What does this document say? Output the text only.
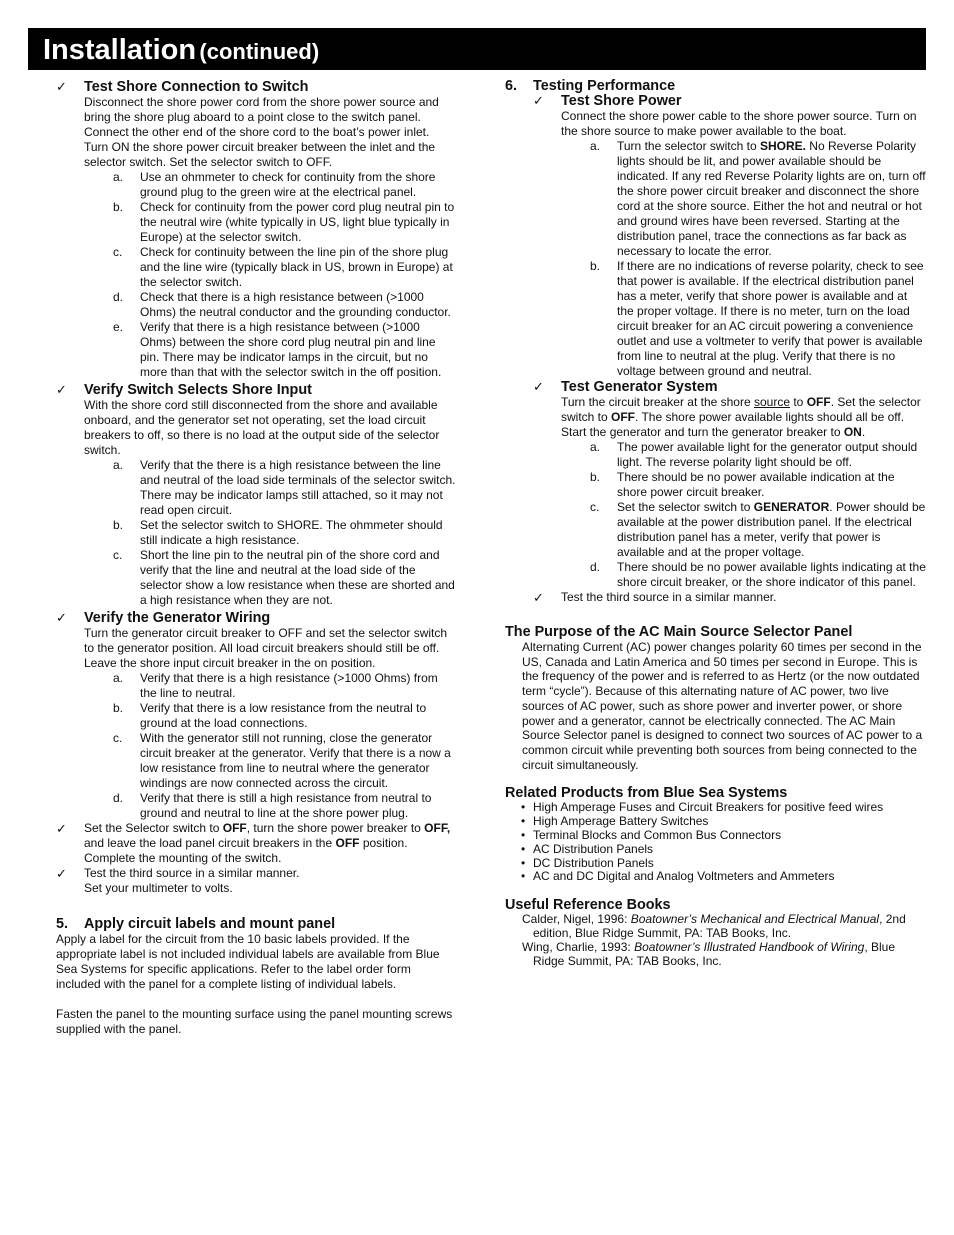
Installation (continued)
✓ Test Shore Connection to Switch

Disconnect the shore power cord from the shore power source and bring the shore plug aboard to a point close to the switch panel. Connect the other end of the shore cord to the boat’s power inlet. Turn ON the shore power circuit breaker between the inlet and the selector switch. Set the selector switch to OFF.

a. Use an ohmmeter to check for continuity from the shore ground plug to the green wire at the electrical panel.
b. Check for continuity from the power cord plug neutral pin to the neutral wire (white typically in US, light blue typically in Europe) at the selector switch.
c. Check for continuity between the line pin of the shore plug and the line wire (typically black in US, brown in Europe) at the selector switch.
d. Check that there is a high resistance between (>1000 Ohms) the neutral conductor and the grounding conductor.
e. Verify that there is a high resistance between (>1000 Ohms) between the shore cord plug neutral pin and line pin. There may be indicator lamps in the circuit, but no more than that with the selector switch in the off position.
✓ Verify Switch Selects Shore Input

With the shore cord still disconnected from the shore and available onboard, and the generator set not operating, set the load circuit breakers to off, so there is no load at the output side of the selector switch.

a. Verify that the there is a high resistance between the line and neutral of the load side terminals of the selector switch. There may be indicator lamps still attached, so it may not read open circuit.
b. Set the selector switch to SHORE. The ohmmeter should still indicate a high resistance.
c. Short the line pin to the neutral pin of the shore cord and verify that the line and neutral at the load side of the selector show a low resistance when these are shorted and a high resistance when they are not.
✓ Verify the Generator Wiring

Turn the generator circuit breaker to OFF and set the selector switch to the generator position. All load circuit breakers should still be off. Leave the shore input circuit breaker in the on position.

a. Verify that there is a high resistance (>1000 Ohms) from the line to neutral.
b. Verify that there is a low resistance from the neutral to ground at the load connections.
c. With the generator still not running, close the generator circuit breaker at the generator. Verify that there is a now a low resistance from line to neutral where the generator windings are now connected across the circuit.
d. Verify that there is still a high resistance from neutral to ground and neutral to line at the shore power plug.
✓ Set the Selector switch to OFF, turn the shore power breaker to OFF, and leave the load panel circuit breakers in the OFF position. Complete the mounting of the switch.

✓ Test the third source in a similar manner.

Set your multimeter to volts.

5. Apply circuit labels and mount panel

Apply a label for the circuit from the 10 basic labels provided. If the appropriate label is not included individual labels are available from Blue Sea Systems for specific applications. Refer to the label order form included with the panel for a complete listing of individual labels.

Fasten the panel to the mounting surface using the panel mounting screws supplied with the panel.

6. Testing Performance

✓ Test Shore Power

Connect the shore power cable to the shore power source. Turn on the shore source to make power available to the boat.

a. Turn the selector switch to SHORE. No Reverse Polarity lights should be lit, and power available should be indicated. If any red Reverse Polarity lights are on, turn off the shore power circuit breaker and disconnect the shore cord at the shore source. Either the hot and neutral or hot and ground wires have been reversed. Starting at the distribution panel, trace the connections as far back as necessary to locate the error.
b. If there are no indications of reverse polarity, check to see that power is available. If the electrical distribution panel has a meter, verify that shore power is available and at the proper voltage. If there is no meter, turn on the load circuit breaker for an AC circuit powering a convenience outlet and use a voltmeter to verify that power is available from line to neutral at the plug. Verify that there is no voltage between ground and neutral.
✓ Test Generator System

Turn the circuit breaker at the shore source to OFF. Set the selector switch to OFF. The shore power available lights should all be off. Start the generator and turn the generator breaker to ON.

a. The power available light for the generator output should light. The reverse polarity light should be off.
b. There should be no power available indication at the shore power circuit breaker.
c. Set the selector switch to GENERATOR. Power should be available at the power distribution panel. If the electrical distribution panel has a meter, verify that power is available and at the proper voltage.
d. There should be no power available lights indicating at the shore circuit breaker, or the shore indicator of this panel.
✓ Test the third source in a similar manner.

The Purpose of the AC Main Source Selector Panel

Alternating Current (AC) power changes polarity 60 times per second in the US, Canada and Latin America and 50 times per second in Europe. This is the frequency of the power and is referred to as Hertz (or the now outdated term “cycle”). Because of this alternating nature of AC power, two live sources of AC power, such as shore power and inverter power, or shore power and a generator, cannot be electrically connected. The AC Main Source Selector panel is designed to connect two sources of AC power to a common circuit while preventing both sources from being connected to the circuit simultaneously.

Related Products from Blue Sea Systems

• High Amperage Fuses and Circuit Breakers for positive feed wires
• High Amperage Battery Switches
• Terminal Blocks and Common Bus Connectors
• AC Distribution Panels
• DC Distribution Panels
• AC and DC Digital and Analog Voltmeters and Ammeters

Useful Reference Books

Calder, Nigel, 1996: Boatowner’s Mechanical and Electrical Manual, 2nd edition, Blue Ridge Summit, PA: TAB Books, Inc.

Wing, Charlie, 1993: Boatowner’s Illustrated Handbook of Wiring, Blue Ridge Summit, PA: TAB Books, Inc.
